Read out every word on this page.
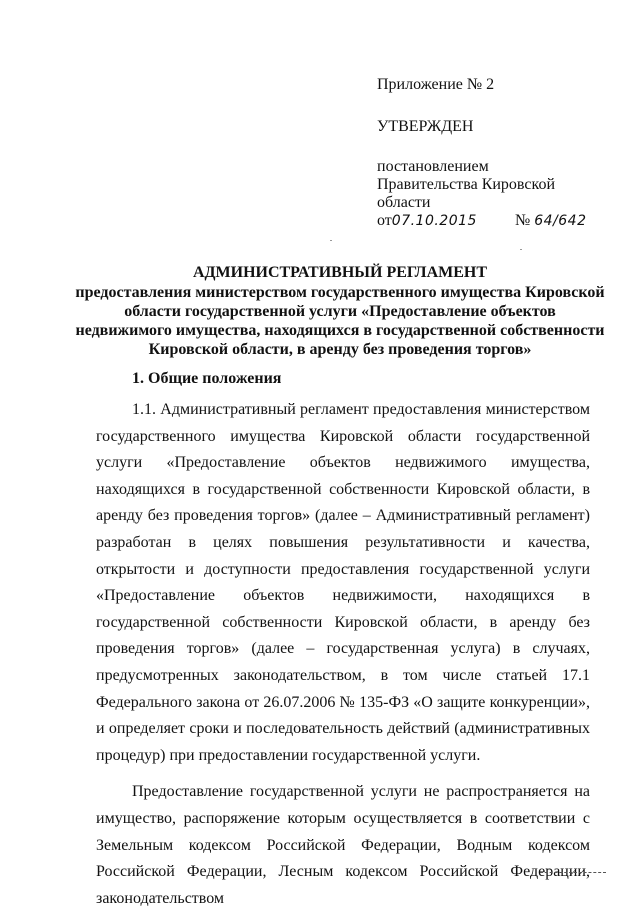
Приложение № 2
УТВЕРЖДЕН
постановлением
Правительства Кировской
области
от07.10.2015 № 64/642
АДМИНИСТРАТИВНЫЙ РЕГЛАМЕНТ
предоставления министерством государственного имущества Кировской
области государственной услуги «Предоставление объектов
недвижимого имущества, находящихся в государственной собственности
Кировской области, в аренду без проведения торгов»
1. Общие положения

1.1. Административный регламент предоставления министерством государственного имущества Кировской области государственной услуги «Предоставление объектов недвижимого имущества, находящихся в государственной собственности Кировской области, в аренду без проведения торгов» (далее – Административный регламент) разработан в целях повышения результативности и качества, открытости и доступности предоставления государственной услуги «Предоставление объектов недвижимости, находящихся в государственной собственности Кировской области, в аренду без проведения торгов» (далее – государственная услуга) в случаях, предусмотренных законодательством, в том числе статьей 17.1 Федерального закона от 26.07.2006 № 135-ФЗ «О защите конкуренции», и определяет сроки и последовательность действий (административных процедур) при предоставлении государственной услуги.

Предоставление государственной услуги не распространяется на имущество, распоряжение которым осуществляется в соответствии с Земельным кодексом Российской Федерации, Водным кодексом Российской Федерации, Лесным кодексом Российской Федерации, законодательством
